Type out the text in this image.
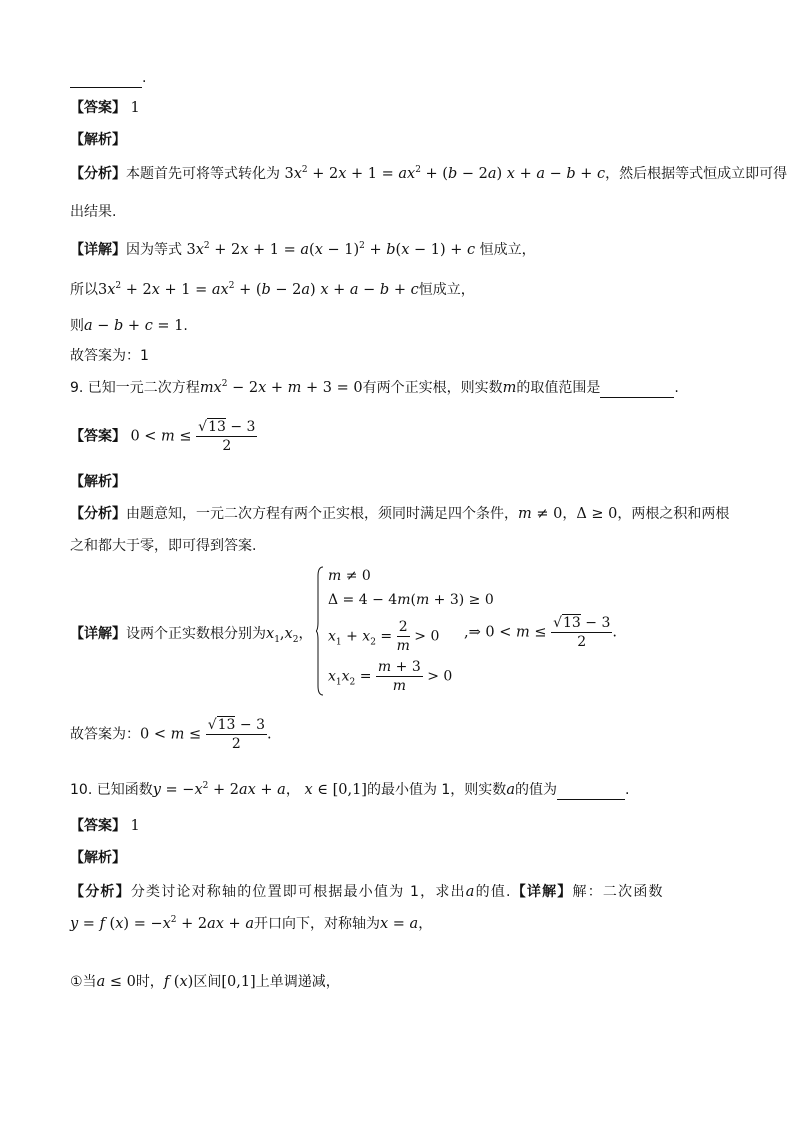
.
【答案】 1
【解析】
【分析】本题首先可将等式转化为 $3x^2 + 2x + 1 = ax^2 + (b - 2a) x + a - b + c$，然后根据等式恒成立即可得
出结果.
【详解】因为等式 $3x^2 + 2x + 1 = a(x - 1)^2 + b(x - 1) + c$ 恒成立，
所以$3x^2 + 2x + 1 = ax^2 + (b - 2a) x + a - b + c$恒成立，
则a − b + c = 1.
故答案为：1
9. 已知一元二次方程$mx^2 - 2x + m + 3 = 0$有两个正实根，则实数m的取值范围是	.
【答案】 $0 < m \le \frac{√13 - 3}{2}$
【解析】
【分析】由题意知，一元二次方程有两个正实根，须同时满足四个条件，m ≠ 0，Δ ≥ 0，两根之积和两根
之和都大于零，即可得到答案.
【详解】设两个正实数根分别为$x_1,x_2$，
m ≠ 0
Δ = 4 − 4m(m + 3) ≥ 0
$x_1 + x_2 = \frac{2}{m} > 0$
$x_1x_2 = \frac{m + 3}{m} > 0$
,⇒ $0 < m \le \frac{√13 - 3}{2}$ .
故答案为：$0 < m \le \frac{√13 - 3}{2}$ .
10. 已知函数$y = -x^2 + 2ax + a$， x ∈ [0,1]的最小值为 1，则实数a的值为	.
【答案】 1
【解析】
【分析】分类讨论对称轴的位置即可根据最小值为 1，求出a的值.【详解】解：二次函数
y = f $(x) = -x^2 + 2ax + a$开口向下，对称轴为x = a，
①当a ≤ 0时，f (x)区间[0,1]上单调递减，
